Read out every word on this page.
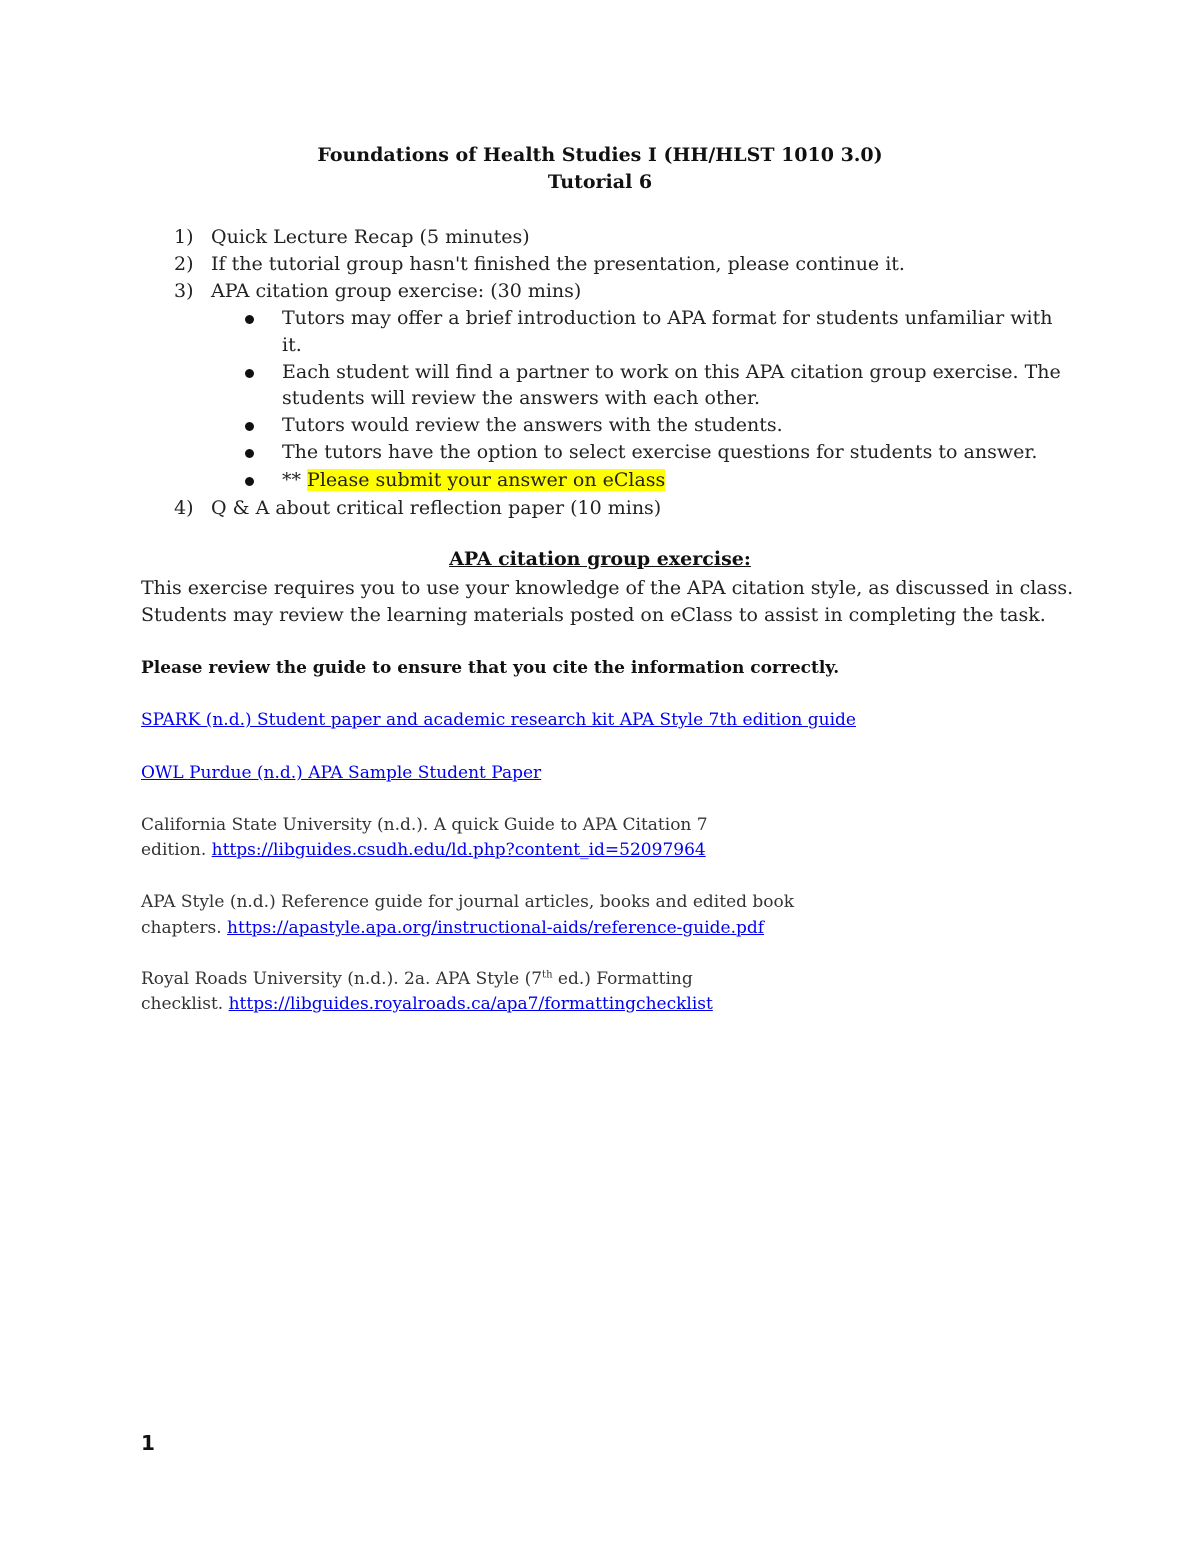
Foundations of Health Studies I (HH/HLST 1010 3.0)
Tutorial 6
1) Quick Lecture Recap (5 minutes)
2) If the tutorial group hasn't finished the presentation, please continue it.
3) APA citation group exercise: (30 mins)
Tutors may offer a brief introduction to APA format for students unfamiliar with
it.
Each student will find a partner to work on this APA citation group exercise. The
students will review the answers with each other.
Tutors would review the answers with the students.
The tutors have the option to select exercise questions for students to answer.
** Please submit your answer on eClass
4) Q & A about critical reflection paper (10 mins)
APA citation group exercise:
This exercise requires you to use your knowledge of the APA citation style, as discussed in class.
Students may review the learning materials posted on eClass to assist in completing the task.
Please review the guide to ensure that you cite the information correctly.
SPARK (n.d.) Student paper and academic research kit APA Style 7th edition guide
OWL Purdue (n.d.) APA Sample Student Paper
California State University (n.d.). A quick Guide to APA Citation 7
edition. https://libguides.csudh.edu/ld.php?content_id=52097964
APA Style (n.d.) Reference guide for journal articles, books and edited book
chapters. https://apastyle.apa.org/instructional-aids/reference-guide.pdf
Royal Roads University (n.d.). 2a. APA Style (7th ed.) Formatting
checklist. https://libguides.royalroads.ca/apa7/formattingchecklist
1
